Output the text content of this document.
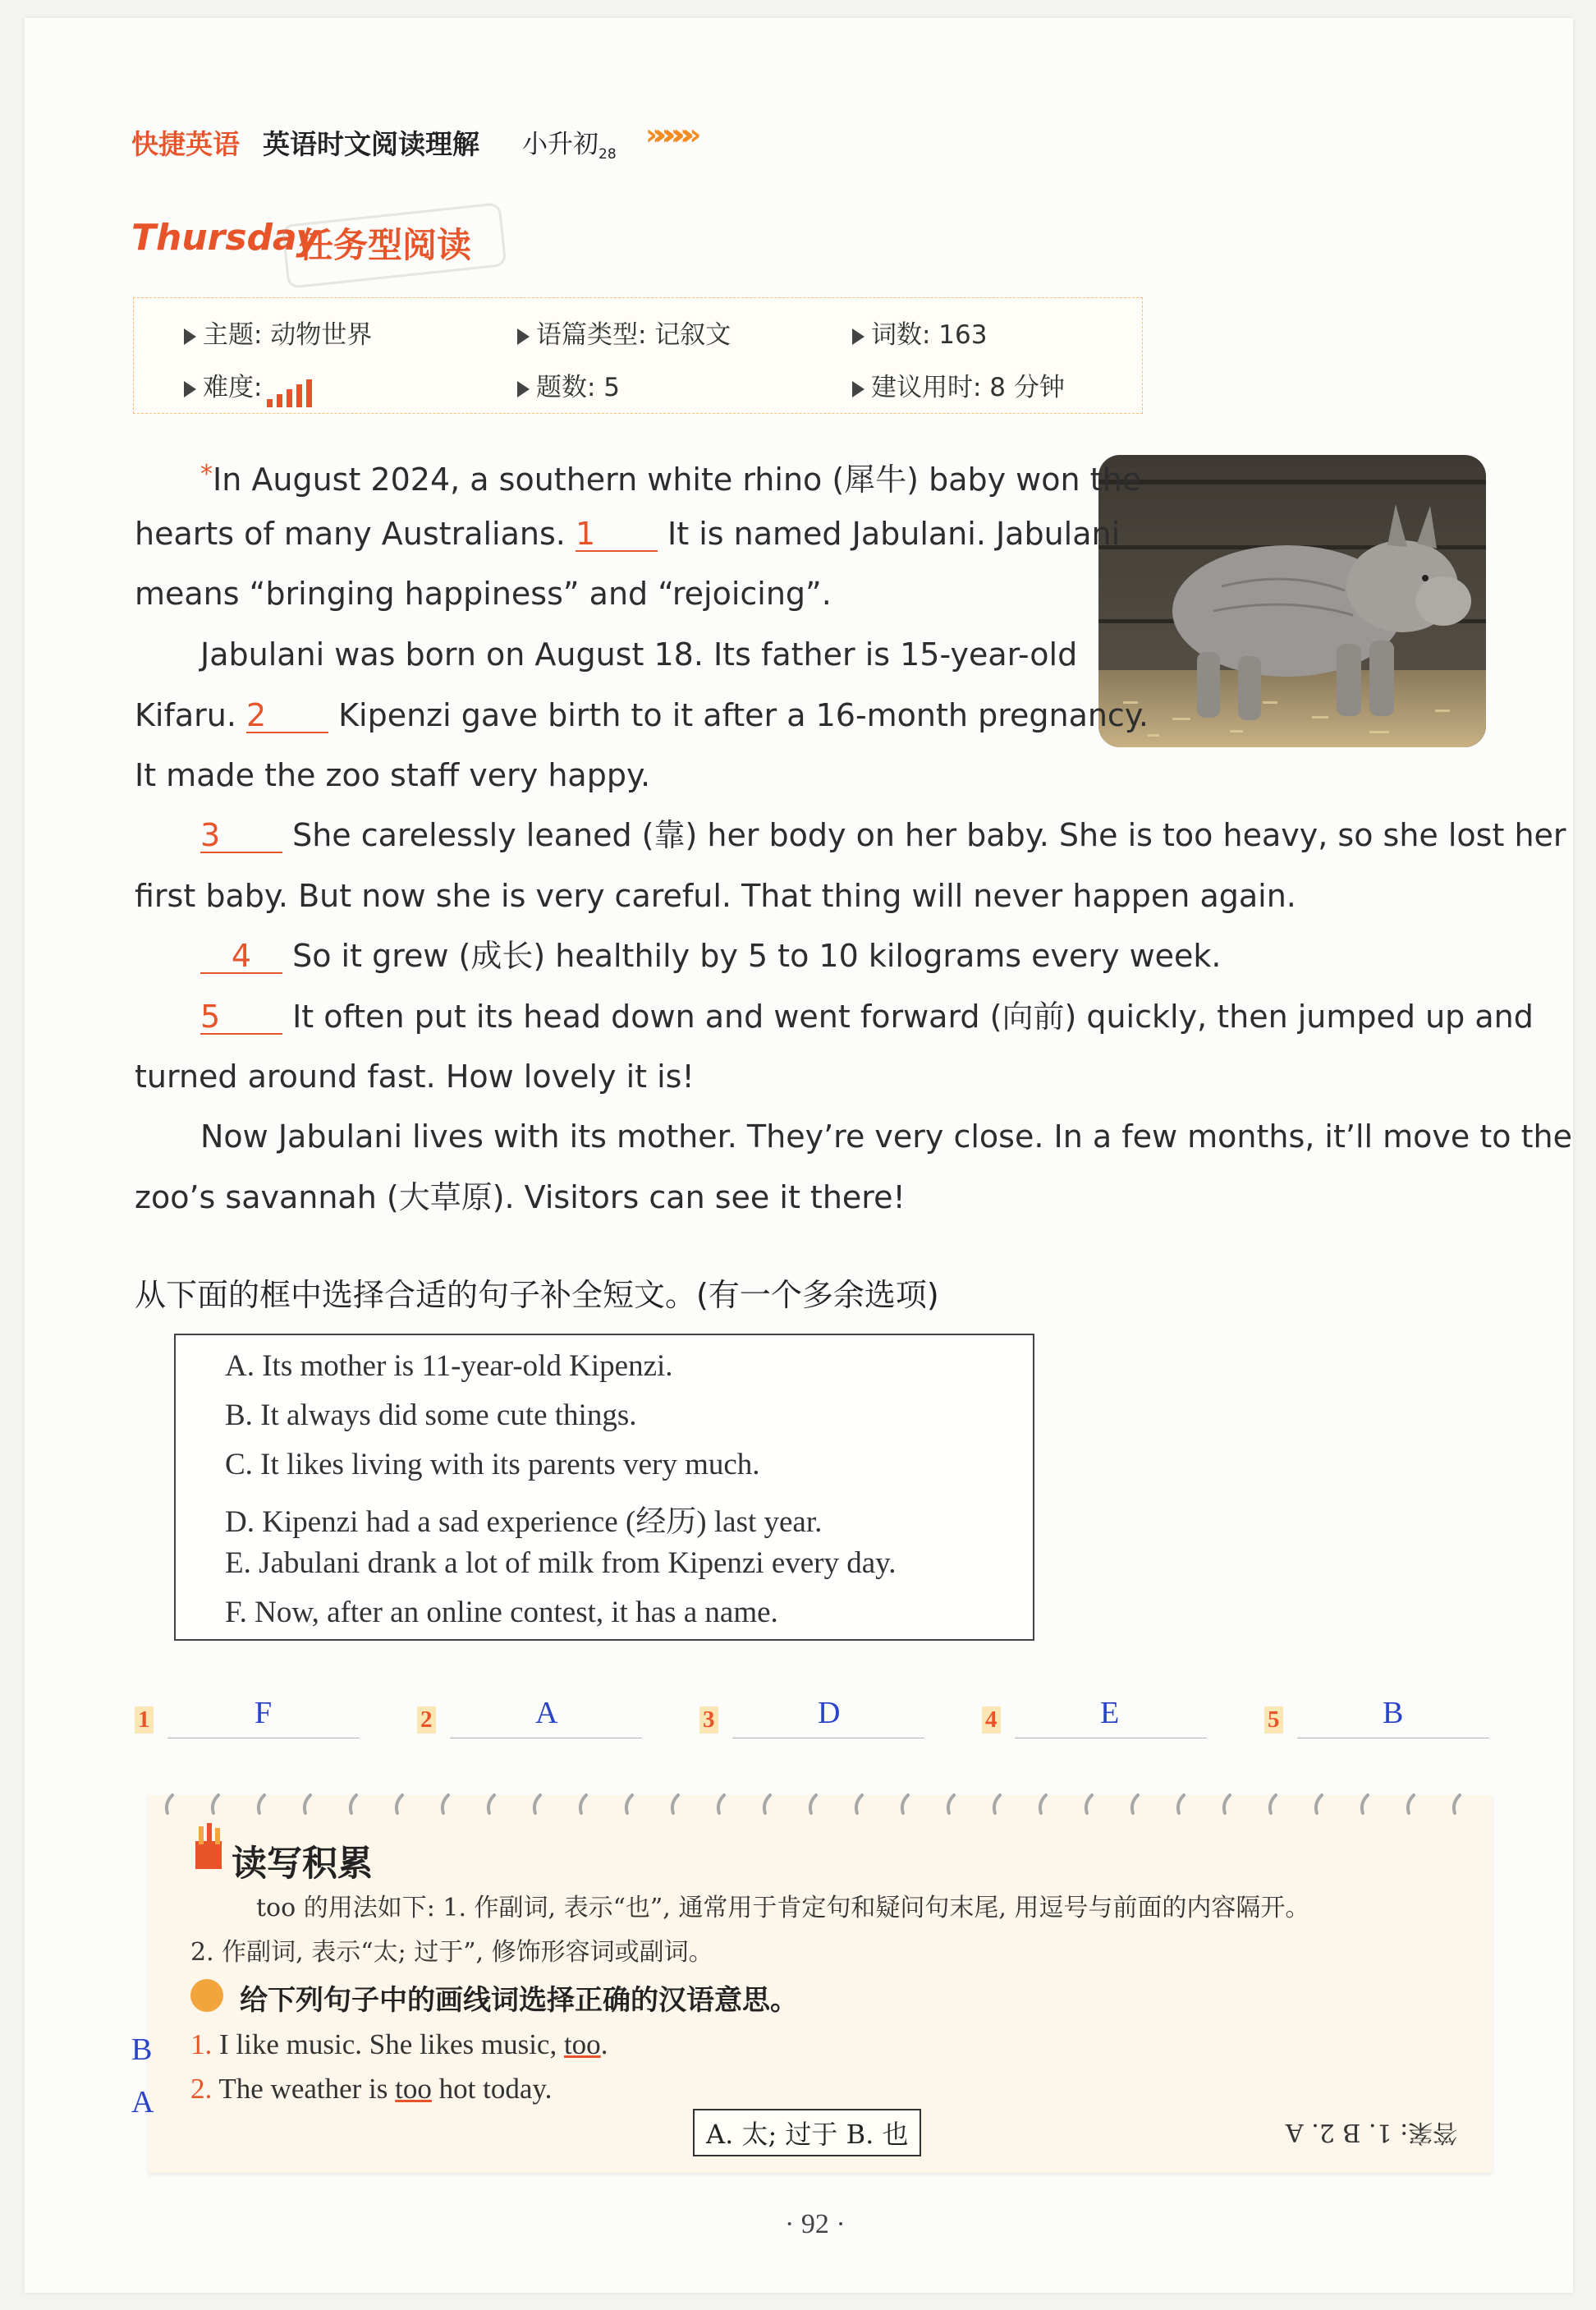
快捷英语 英语时文阅读理解 小升初$_{28}$
»»»»»
Thursday
任务型阅读
主题: 动物世界	语篇类型: 记叙文	词数: 163
难度:	题数: 5	建议用时: 8 分钟
*In August 2024, a southern white rhino (犀牛) baby won the
hearts of many Australians. 1 It is named Jabulani. Jabulani
means “bringing happiness” and “rejoicing”.
Jabulani was born on August 18. Its father is 15-year-old
Kifaru. 2 Kipenzi gave birth to it after a 16-month pregnancy.
It made the zoo staff very happy.
3 She carelessly leaned (靠) her body on her baby. She is too heavy, so she lost her
first baby. But now she is very careful. That thing will never happen again.
4 So it grew (成长) healthily by 5 to 10 kilograms every week.
5 It often put its head down and went forward (向前) quickly, then jumped up and
turned around fast. How lovely it is!
Now Jabulani lives with its mother. They’re very close. In a few months, it’ll move to the
zoo’s savannah (大草原). Visitors can see it there!
从下面的框中选择合适的句子补全短文。(有一个多余选项)
A. Its mother is 11-year-old Kipenzi.
B. It always did some cute things.
C. It likes living with its parents very much.
D. Kipenzi had a sad experience (经历) last year.
E. Jabulani drank a lot of milk from Kipenzi every day.
F. Now, after an online contest, it has a name.
1	F	2	A	3	D	4	E	5	B
读写积累
too 的用法如下: 1. 作副词, 表示“也”, 通常用于肯定句和疑问句末尾, 用逗号与前面的内容隔开。
2. 作副词, 表示“太; 过于”, 修饰形容词或副词。
给下列句子中的画线词选择正确的汉语意思。
B 1. I like music. She likes music, too.
A 2. The weather is too hot today.
A. 太; 过于 B. 也	答案: 1. B 2. A
· 92 ·
